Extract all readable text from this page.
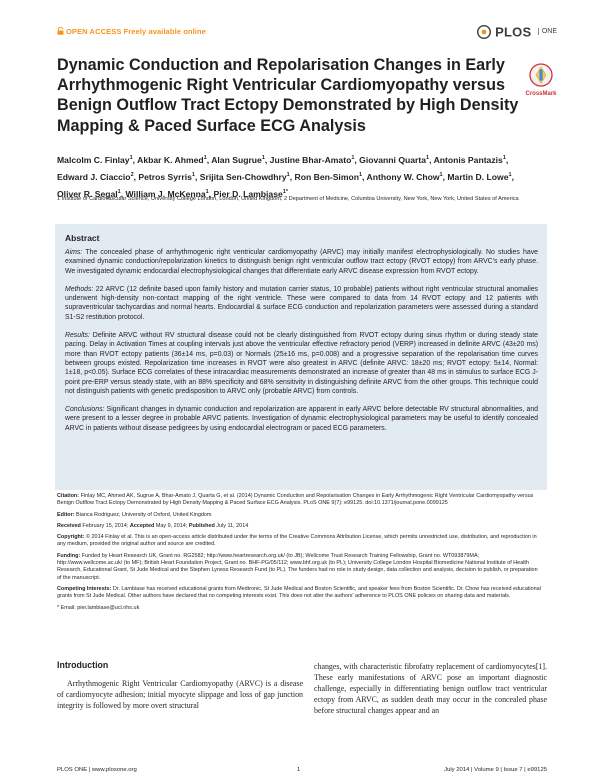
OPEN ACCESS Freely available online	PLOS ONE
CrossMark
Dynamic Conduction and Repolarisation Changes in Early Arrhythmogenic Right Ventricular Cardiomyopathy versus Benign Outflow Tract Ectopy Demonstrated by High Density Mapping & Paced Surface ECG Analysis
Malcolm C. Finlay$^1$, Akbar K. Ahmed$^1$, Alan Sugrue$^1$, Justine Bhar-Amato$^1$, Giovanni Quarta$^1$, Antonis Pantazis$^1$, Edward J. Ciaccio$^2$, Petros Syrris$^1$, Srijita Sen-Chowdhry$^1$, Ron Ben-Simon$^1$, Anthony W. Chow$^1$, Martin D. Lowe$^1$, Oliver R. Segal$^1$, William J. McKenna$^1$, Pier D. Lambiase$^{1*}$
1 Institute of Cardiovascular Science, University College London, London, United Kingdom, 2 Department of Medicine, Columbia University, New York, New York, United States of America
Abstract

Aims: The concealed phase of arrhythmogenic right ventricular cardiomyopathy (ARVC) may initially manifest electrophysiologically. No studies have examined dynamic conduction/repolarization kinetics to distinguish benign right ventricular outflow tract ectopy (RVOT ectopy) from ARVC’s early phase. We investigated dynamic endocardial electrophysiological changes that differentiate early ARVC disease expression from RVOT ectopy.

Methods: 22 ARVC (12 definite based upon family history and mutation carrier status, 10 probable) patients without right ventricular structural anomalies underwent high-density non-contact mapping of the right ventricle. These were compared to data from 14 RVOT ectopy and 12 patients with supraventricular tachycardias and normal hearts. Endocardial & surface ECG conduction and repolarization parameters were assessed during a standard S1-S2 restitution protocol.

Results: Definite ARVC without RV structural disease could not be clearly distinguished from RVOT ectopy during sinus rhythm or during steady state pacing. Delay in Activation Times at coupling intervals just above the ventricular effective refractory period (VERP) increased in definite ARVC (43±20 ms) more than RVOT ectopy patients (36±14 ms, p=0.03) or Normals (25±16 ms, p=0.008) and a progressive separation of the repolarisation time curves between groups existed. Repolarization time increases in RVOT were also greatest in ARVC (definite ARVC: 18±20 ms; RVOT ectopy: 5±14, Normal: 1±18, p<0.05). Surface ECG correlates of these intracardiac measurements demonstrated an increase of greater than 48 ms in stimulus to surface ECG J-point pre-ERP versus steady state, with an 88% specificity and 68% sensitivity in distinguishing definite ARVC from the other groups. This technique could not distinguish patients with genetic predisposition to ARVC only (probable ARVC) from controls.

Conclusions: Significant changes in dynamic conduction and repolarization are apparent in early ARVC before detectable RV structural abnormalities, and were present to a lesser degree in probable ARVC patients. Investigation of dynamic electrophysiological parameters may be useful to identify concealed ARVC in patients without disease pedigrees by using endocardial electrogram or paced ECG parameters.

Citation: Finlay MC, Ahmed AK, Sugrue A, Bhar-Amato J, Quarta G, et al. (2014) Dynamic Conduction and Repolarisation Changes in Early Arrhythmogenic Right Ventricular Cardiomyopathy versus Benign Outflow Tract Ectopy Demonstrated by High Density Mapping & Paced Surface ECG Analysis. PLoS ONE 9(7): e99125. doi:10.1371/journal.pone.0099125

Editor: Bianca Rodriguez, University of Oxford, United Kingdom

Received February 15, 2014; Accepted May 9, 2014; Published July 11, 2014

Copyright: © 2014 Finlay et al. This is an open-access article distributed under the terms of the Creative Commons Attribution License, which permits unrestricted use, distribution, and reproduction in any medium, provided the original author and source are credited.

Funding: Funded by Heart Research UK, Grant no. RG2582; http://www.heartresearch.org.uk/ (to JB); Wellcome Trust Research Training Fellowship, Grant no. WT093879MA; http://www.wellcome.ac.uk/ (to MF); British Heart Foundation Project, Grant no. BHF-PG/05/112; www.bhf.org.uk (to PL); University College London Hospital Biomedicine National Institute of Health Research, Educational Grant, St Jude Medical and the Stephen Lyness Research Fund (to PL). The funders had no role in study design, data collection and analysis, decision to publish, or preparation of the manuscript.

Competing Interests: Dr. Lambiase has received educational grants from Medtronic, St Jude Medical and Boston Scientific, and speaker fees from Boston Scientific. Dr. Chow has received educational grants from St Jude Medical. Other authors have declared that no competing interests exist. This does not alter the authors' adherence to PLOS ONE policies on sharing data and materials.

* Email: pier.lambiase@ucl.nhs.uk

Introduction

Arrhythmogenic Right Ventricular Cardiomyopathy (ARVC) is a disease of cardiomyocyte adhesion; initial myocyte slippage and loss of gap junction integrity is followed by more overt structural

changes, with characteristic fibrofatty replacement of cardiomyocytes[1]. These early manifestations of ARVC pose an important diagnostic challenge, especially in differentiating benign outflow tract ventricular ectopy from ARVC, as sudden death may occur in the concealed phase before structural changes appear and an

PLOS ONE | www.plosone.org	1	July 2014 | Volume 9 | Issue 7 | e99125
